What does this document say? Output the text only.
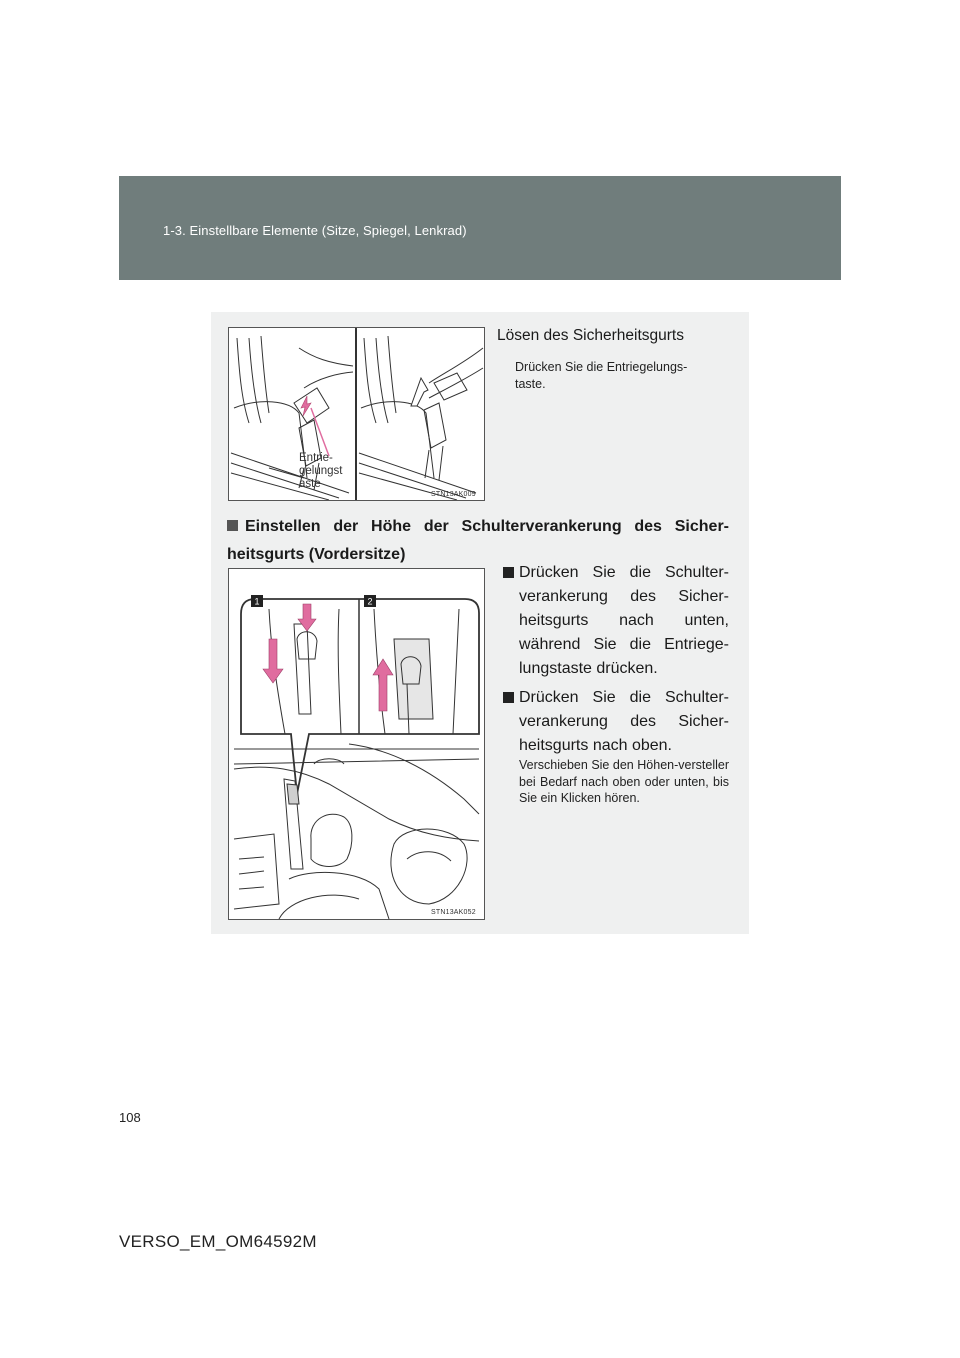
1-3. Einstellbare Elemente (Sitze, Spiegel, Lenkrad)
Entrie-
gelungst
aste
STN13AK009
Lösen des Sicherheitsgurts
Drücken Sie die Entriegelungs-
taste.
Einstellen der Höhe der Schulterverankerung des Sicher-heitsgurts (Vordersitze)
1	2
STN13AK052
Drücken Sie die Schulter-verankerung des Sicher-heitsgurts nach unten, während Sie die Entriege-lungstaste drücken.
Drücken Sie die Schulter-verankerung des Sicher-heitsgurts nach oben.
Verschieben Sie den Höhen-versteller bei Bedarf nach oben oder unten, bis Sie ein Klicken hören.
108
VERSO_EM_OM64592M
